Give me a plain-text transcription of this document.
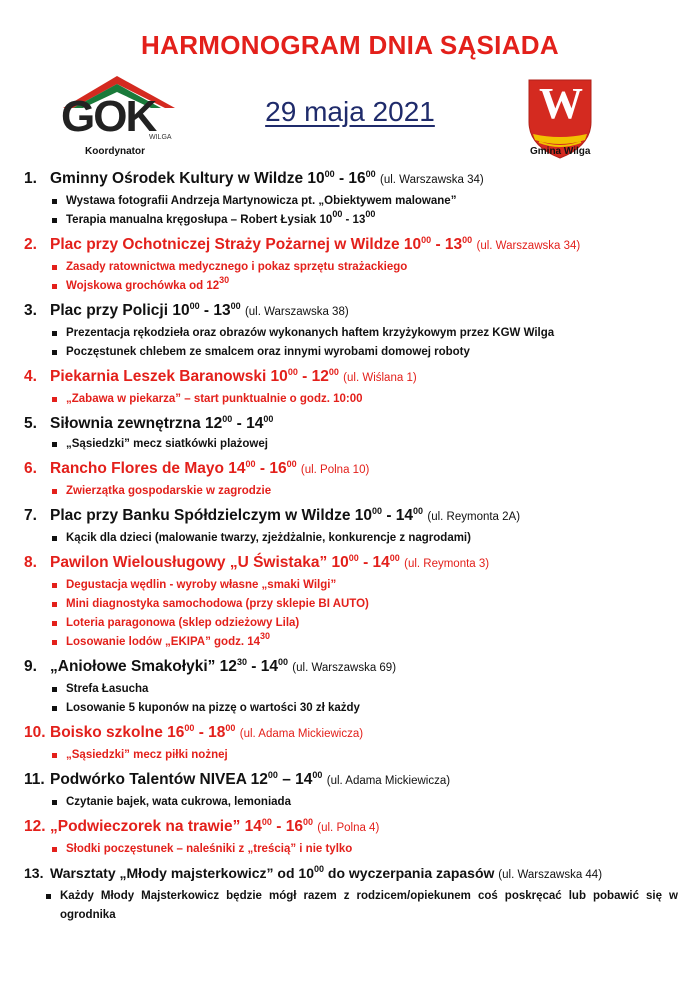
HARMONOGRAM DNIA SĄSIADA
GOK
WILGA
Koordynator
29 maja 2021	W
Gmina Wilga
1. Gminny Ośrodek Kultury w Wildze $10^{00} - 16^{00}$ (ul. Warszawska 34)
Wystawa fotografii Andrzeja Martynowicza pt. „Obiektywem malowane”
Terapia manualna kręgosłupa – Robert Łysiak $10^{00} - 13^{00}$
2. Plac przy Ochotniczej Straży Pożarnej w Wildze $10^{00} - 13^{00}$ (ul. Warszawska 34)
Zasady ratownictwa medycznego i pokaz sprzętu strażackiego
Wojskowa grochówka od $12^{30}$
3. Plac przy Policji $10^{00} - 13^{00}$ (ul. Warszawska 38)
Prezentacja rękodzieła oraz obrazów wykonanych haftem krzyżykowym przez KGW Wilga
Poczęstunek chlebem ze smalcem oraz innymi wyrobami domowej roboty
4. Piekarnia Leszek Baranowski $10^{00} - 12^{00}$ (ul. Wiślana 1)
„Zabawa w piekarza” – start punktualnie o godz. 10:00
5. Siłownia zewnętrzna $12^{00} - 14^{00}$
„Sąsiedzki” mecz siatkówki plażowej
6. Rancho Flores de Mayo $14^{00} - 16^{00}$ (ul. Polna 10)
Zwierzątka gospodarskie w zagrodzie
7. Plac przy Banku Spółdzielczym w Wildze $10^{00} - 14^{00}$ (ul. Reymonta 2A)
Kącik dla dzieci (malowanie twarzy, zjeżdżalnie, konkurencje z nagrodami)
8. Pawilon Wielousługowy „U Świstaka” $10^{00} - 14^{00}$ (ul. Reymonta 3)
Degustacja wędlin - wyroby własne „smaki Wilgi”
Mini diagnostyka samochodowa (przy sklepie BI AUTO)
Loteria paragonowa (sklep odzieżowy Lila)
Losowanie lodów „EKIPA” godz. $14^{30}$
9. „Aniołowe Smakołyki” $12^{30} - 14^{00}$ (ul. Warszawska 69)
Strefa Łasucha
Losowanie 5 kuponów na pizzę o wartości 30 zł każdy
10. Boisko szkolne $16^{00} - 18^{00}$ (ul. Adama Mickiewicza)
„Sąsiedzki” mecz piłki nożnej
11. Podwórko Talentów NIVEA $12^{00} - 14^{00}$ (ul. Adama Mickiewicza)
Czytanie bajek, wata cukrowa, lemoniada
12. „Podwieczorek na trawie” $14^{00} - 16^{00}$ (ul. Polna 4)
Słodki poczęstunek – naleśniki z „treścią” i nie tylko
13. Warsztaty „Młody majsterkowicz” od $10^{00}$ do wyczerpania zapasów (ul. Warszawska 44)
Każdy Młody Majsterkowicz będzie mógł razem z rodzicem/opiekunem coś poskręcać lub pobawić się w ogrodnika
